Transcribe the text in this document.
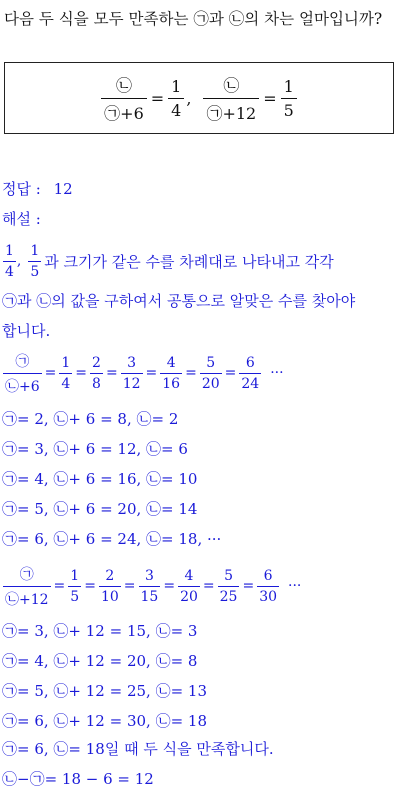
다음 두 식을 모두 만족하는 ㉠과 ㉡의 차는 얼마입니까?
$\frac{㉡}{㉠+6} = \frac{1}{4}$ , $\frac{㉡}{㉠+12} = \frac{1}{5}$
정답 : 12
해설 :
$\frac{1}{4}$ , $\frac{1}{5}$ 과 크기가 같은 수를 차례대로 나타내고 각각
㉠과 ㉡의 값을 구하여서 공통으로 알맞은 수를 찾아야
합니다.
$\frac{㉠}{㉡+6} = \frac{1}{4} = \frac{2}{8} = \frac{3}{12} = \frac{4}{16} = \frac{5}{20} = \frac{6}{24}$ ···
㉠= 2, ㉡+ 6 = 8, ㉡= 2
㉠= 3, ㉡+ 6 = 12, ㉡= 6
㉠= 4, ㉡+ 6 = 16, ㉡= 10
㉠= 5, ㉡+ 6 = 20, ㉡= 14
㉠= 6, ㉡+ 6 = 24, ㉡= 18, ···
$\frac{㉠}{㉡+12} = \frac{1}{5} = \frac{2}{10} = \frac{3}{15} = \frac{4}{20} = \frac{5}{25} = \frac{6}{30}$ ···
㉠= 3, ㉡+ 12 = 15, ㉡= 3
㉠= 4, ㉡+ 12 = 20, ㉡= 8
㉠= 5, ㉡+ 12 = 25, ㉡= 13
㉠= 6, ㉡+ 12 = 30, ㉡= 18
㉠= 6, ㉡= 18일 때 두 식을 만족합니다.
㉡−㉠= 18 − 6 = 12
